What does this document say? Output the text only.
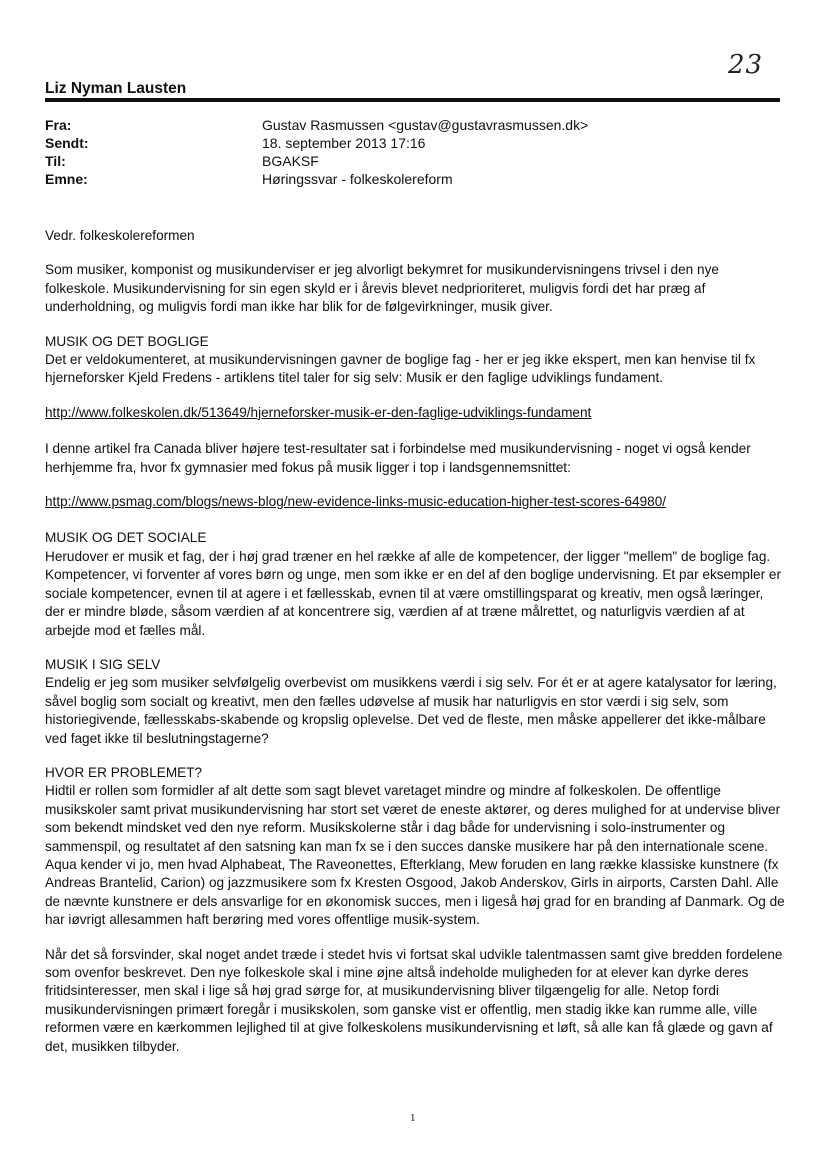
23
Liz Nyman Lausten
Fra:	Gustav Rasmussen <gustav@gustavrasmussen.dk>
Sendt:	18. september 2013 17:16
Til:	BGAKSF
Emne:	Høringssvar - folkeskolereform

Vedr. folkeskolereformen

Som musiker, komponist og musikunderviser er jeg alvorligt bekymret for musikundervisningens trivsel i den nye folkeskole. Musikundervisning for sin egen skyld er i årevis blevet nedprioriteret, muligvis fordi det har præg af underholdning, og muligvis fordi man ikke har blik for de følgevirkninger, musik giver.

MUSIK OG DET BOGLIGE

Det er veldokumenteret, at musikundervisningen gavner de boglige fag - her er jeg ikke ekspert, men kan henvise til fx hjerneforsker Kjeld Fredens - artiklens titel taler for sig selv: Musik er den faglige udviklings fundament.

http://www.folkeskolen.dk/513649/hjerneforsker-musik-er-den-faglige-udviklings-fundament

I denne artikel fra Canada bliver højere test-resultater sat i forbindelse med musikundervisning - noget vi også kender herhjemme fra, hvor fx gymnasier med fokus på musik ligger i top i landsgennemsnittet:

http://www.psmag.com/blogs/news-blog/new-evidence-links-music-education-higher-test-scores-64980/

MUSIK OG DET SOCIALE

Herudover er musik et fag, der i høj grad træner en hel række af alle de kompetencer, der ligger "mellem" de boglige fag. Kompetencer, vi forventer af vores børn og unge, men som ikke er en del af den boglige undervisning. Et par eksempler er sociale kompetencer, evnen til at agere i et fællesskab, evnen til at være omstillingsparat og kreativ, men også læringer, der er mindre bløde, såsom værdien af at koncentrere sig, værdien af at træne målrettet, og naturligvis værdien af at arbejde mod et fælles mål.

MUSIK I SIG SELV

Endelig er jeg som musiker selvfølgelig overbevist om musikkens værdi i sig selv. For ét er at agere katalysator for læring, såvel boglig som socialt og kreativt, men den fælles udøvelse af musik har naturligvis en stor værdi i sig selv, som historiegivende, fællesskabs-skabende og kropslig oplevelse. Det ved de fleste, men måske appellerer det ikke-målbare ved faget ikke til beslutningstagerne?

HVOR ER PROBLEMET?

Hidtil er rollen som formidler af alt dette som sagt blevet varetaget mindre og mindre af folkeskolen. De offentlige musikskoler samt privat musikundervisning har stort set været de eneste aktører, og deres mulighed for at undervise bliver som bekendt mindsket ved den nye reform. Musikskolerne står i dag både for undervisning i solo-instrumenter og sammenspil, og resultatet af den satsning kan man fx se i den succes danske musikere har på den internationale scene. Aqua kender vi jo, men hvad Alphabeat, The Raveonettes, Efterklang, Mew foruden en lang række klassiske kunstnere (fx Andreas Brantelid, Carion) og jazzmusikere som fx Kresten Osgood, Jakob Anderskov, Girls in airports, Carsten Dahl. Alle de nævnte kunstnere er dels ansvarlige for en økonomisk succes, men i ligeså høj grad for en branding af Danmark. Og de har iøvrigt allesammen haft berøring med vores offentlige musik-system.

Når det så forsvinder, skal noget andet træde i stedet hvis vi fortsat skal udvikle talentmassen samt give bredden fordelene som ovenfor beskrevet. Den nye folkeskole skal i mine øjne altså indeholde muligheden for at elever kan dyrke deres fritidsinteresser, men skal i lige så høj grad sørge for, at musikundervisning bliver tilgængelig for alle. Netop fordi musikundervisningen primært foregår i musikskolen, som ganske vist er offentlig, men stadig ikke kan rumme alle, ville reformen være en kærkommen lejlighed til at give folkeskolens musikundervisning et løft, så alle kan få glæde og gavn af det, musikken tilbyder.

1
